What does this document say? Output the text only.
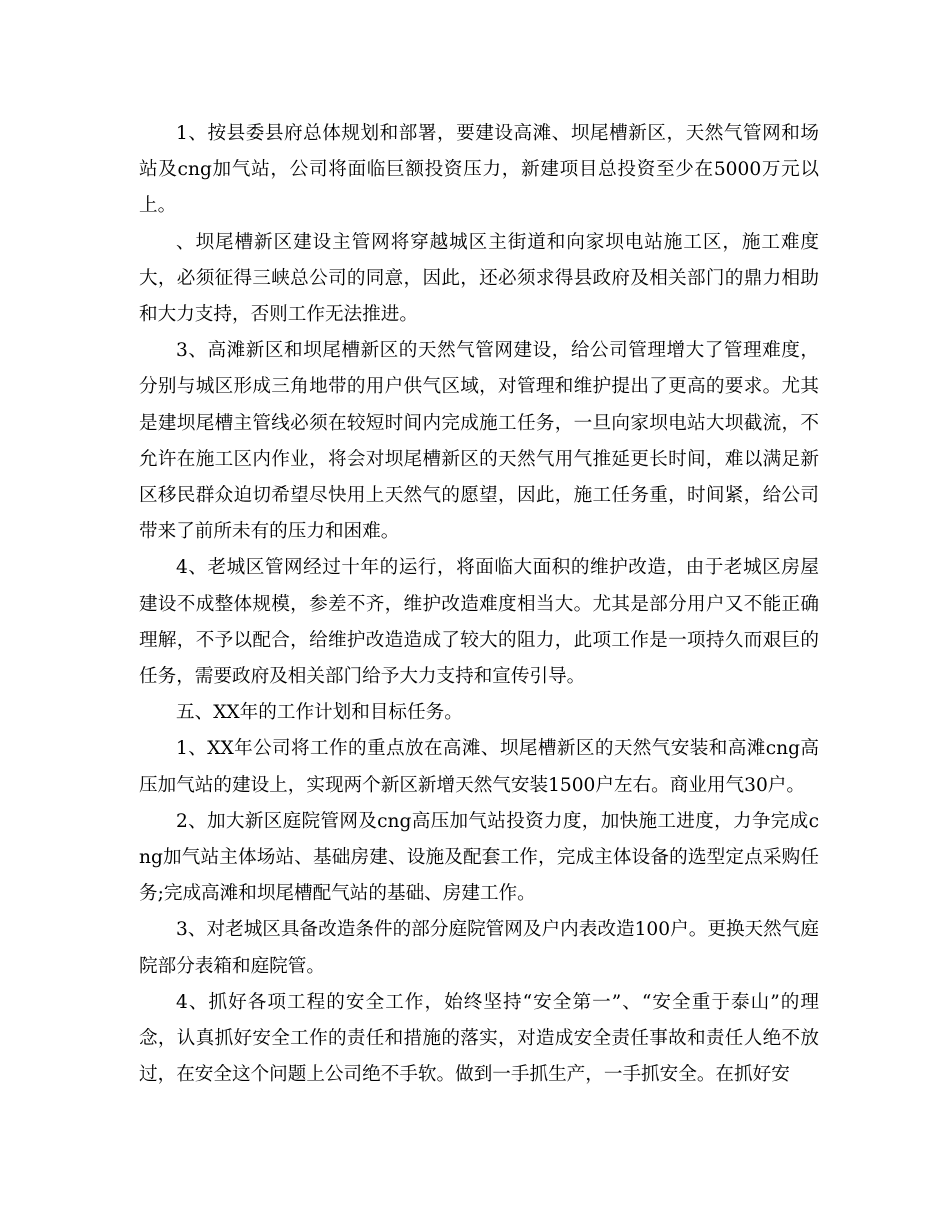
1、按县委县府总体规划和部署，要建设高滩、坝尾槽新区，天然气管网和场站及cng加气站，公司将面临巨额投资压力，新建项目总投资至少在5000万元以上。

、坝尾槽新区建设主管网将穿越城区主街道和向家坝电站施工区，施工难度大，必须征得三峡总公司的同意，因此，还必须求得县政府及相关部门的鼎力相助和大力支持，否则工作无法推进。

3、高滩新区和坝尾槽新区的天然气管网建设，给公司管理增大了管理难度，分别与城区形成三角地带的用户供气区域，对管理和维护提出了更高的要求。尤其是建坝尾槽主管线必须在较短时间内完成施工任务，一旦向家坝电站大坝截流，不允许在施工区内作业，将会对坝尾槽新区的天然气用气推延更长时间，难以满足新区移民群众迫切希望尽快用上天然气的愿望，因此，施工任务重，时间紧，给公司带来了前所未有的压力和困难。

4、老城区管网经过十年的运行，将面临大面积的维护改造，由于老城区房屋建设不成整体规模，参差不齐，维护改造难度相当大。尤其是部分用户又不能正确理解，不予以配合，给维护改造造成了较大的阻力，此项工作是一项持久而艰巨的任务，需要政府及相关部门给予大力支持和宣传引导。

五、XX年的工作计划和目标任务。

1、XX年公司将工作的重点放在高滩、坝尾槽新区的天然气安装和高滩cng高压加气站的建设上，实现两个新区新增天然气安装1500户左右。商业用气30户。

2、加大新区庭院管网及cng高压加气站投资力度，加快施工进度，力争完成cng加气站主体场站、基础房建、设施及配套工作，完成主体设备的选型定点采购任务;完成高滩和坝尾槽配气站的基础、房建工作。

3、对老城区具备改造条件的部分庭院管网及户内表改造100户。更换天然气庭院部分表箱和庭院管。

4、抓好各项工程的安全工作，始终坚持“安全第一”、“安全重于泰山”的理念，认真抓好安全工作的责任和措施的落实，对造成安全责任事故和责任人绝不放过，在安全这个问题上公司绝不手软。做到一手抓生产，一手抓安全。在抓好安
